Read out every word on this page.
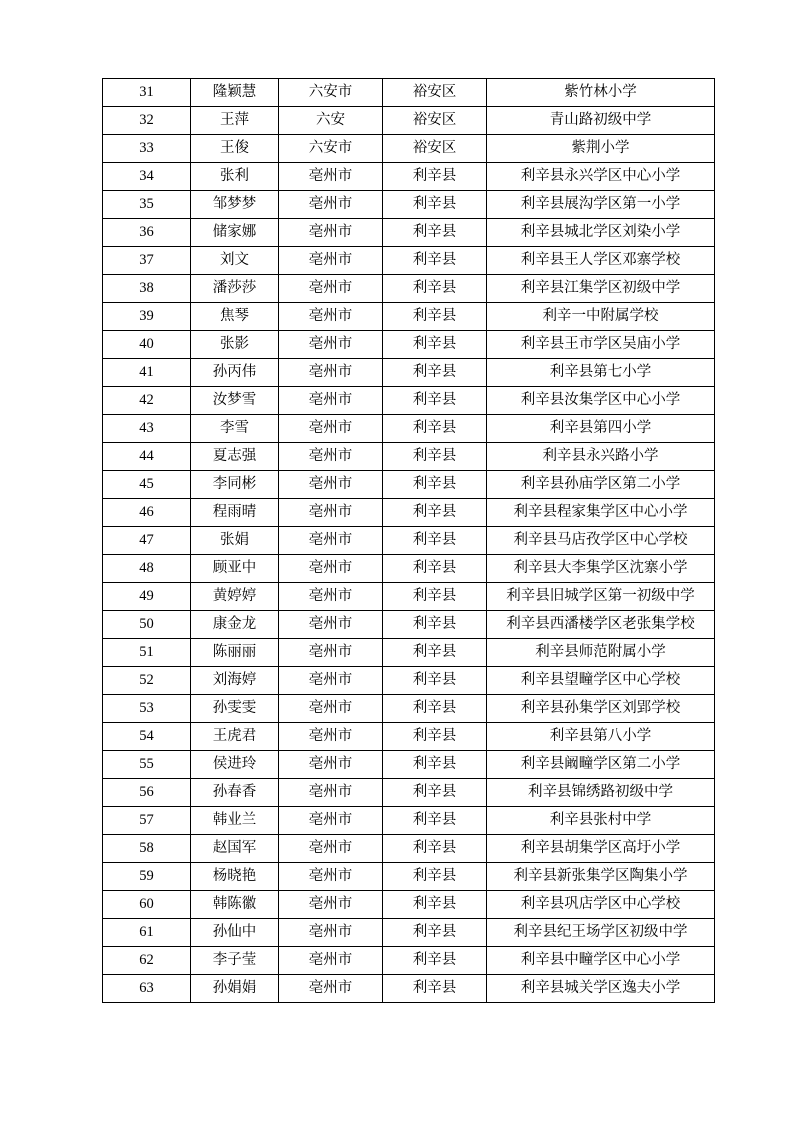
31	隆颖慧	六安市	裕安区	紫竹林小学
32	王萍	六安	裕安区	青山路初级中学
33	王俊	六安市	裕安区	紫荆小学
34	张利	亳州市	利辛县	利辛县永兴学区中心小学
35	邹梦梦	亳州市	利辛县	利辛县展沟学区第一小学
36	储家娜	亳州市	利辛县	利辛县城北学区刘染小学
37	刘文	亳州市	利辛县	利辛县王人学区邓寨学校
38	潘莎莎	亳州市	利辛县	利辛县江集学区初级中学
39	焦琴	亳州市	利辛县	利辛一中附属学校
40	张影	亳州市	利辛县	利辛县王市学区吴庙小学
41	孙丙伟	亳州市	利辛县	利辛县第七小学
42	汝梦雪	亳州市	利辛县	利辛县汝集学区中心小学
43	李雪	亳州市	利辛县	利辛县第四小学
44	夏志强	亳州市	利辛县	利辛县永兴路小学
45	李同彬	亳州市	利辛县	利辛县孙庙学区第二小学
46	程雨晴	亳州市	利辛县	利辛县程家集学区中心小学
47	张娟	亳州市	利辛县	利辛县马店孜学区中心学校
48	顾亚中	亳州市	利辛县	利辛县大李集学区沈寨小学
49	黄婷婷	亳州市	利辛县	利辛县旧城学区第一初级中学
50	康金龙	亳州市	利辛县	利辛县西潘楼学区老张集学校
51	陈丽丽	亳州市	利辛县	利辛县师范附属小学
52	刘海婷	亳州市	利辛县	利辛县望疃学区中心学校
53	孙雯雯	亳州市	利辛县	利辛县孙集学区刘郢学校
54	王虎君	亳州市	利辛县	利辛县第八小学
55	侯进玲	亳州市	利辛县	利辛县阚疃学区第二小学
56	孙春香	亳州市	利辛县	利辛县锦绣路初级中学
57	韩业兰	亳州市	利辛县	利辛县张村中学
58	赵国军	亳州市	利辛县	利辛县胡集学区高圩小学
59	杨晓艳	亳州市	利辛县	利辛县新张集学区陶集小学
60	韩陈徽	亳州市	利辛县	利辛县巩店学区中心学校
61	孙仙中	亳州市	利辛县	利辛县纪王场学区初级中学
62	李子莹	亳州市	利辛县	利辛县中疃学区中心小学
63	孙娟娟	亳州市	利辛县	利辛县城关学区逸夫小学
